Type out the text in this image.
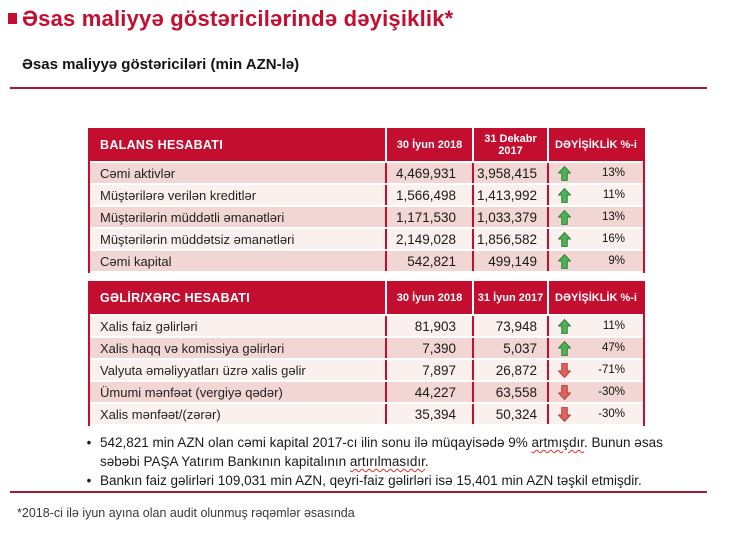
Əsas maliyyə göstəricilərində dəyişiklik*
Əsas maliyyə göstəriciləri (min AZN-lə)
BALANS HESABATI	30 İyun 2018	31 Dekabr 2017	DƏYİŞİKLİK %-i
Cəmi aktivlər	4,469,931	3,958,415	13%
Müştərilərə verilən kreditlər	1,566,498	1,413,992	11%
Müştərilərin müddətli əmanətləri	1,171,530	1,033,379	13%
Müştərilərin müddətsiz əmanətləri	2,149,028	1,856,582	16%
Cəmi kapital	542,821	499,149	9%
GƏLİR/XƏRC HESABATI	30 İyun 2018	31 İyun 2017	DƏYİŞİKLİK %-i
Xalis faiz gəlirləri	81,903	73,948	11%
Xalis haqq və komissiya gəlirləri	7,390	5,037	47%
Valyuta əməliyyatları üzrə xalis gəlir	7,897	26,872	-71%
Ümumi mənfəət (vergiyə qədər)	44,227	63,558	-30%
Xalis mənfəət/(zərər)	35,394	50,324	-30%
• 542,821 min AZN olan cəmi kapital 2017-cı ilin sonu ilə müqayisədə 9% artmışdır. Bunun əsas səbəbi PAŞA Yatırım Bankının kapitalının artırılmasıdır.
• Bankın faiz gəlirləri 109,031 min AZN, qeyri-faiz gəlirləri isə 15,401 min AZN təşkil etmişdir.
*2018-ci ilə iyun ayına olan audit olunmuş rəqəmlər əsasında
